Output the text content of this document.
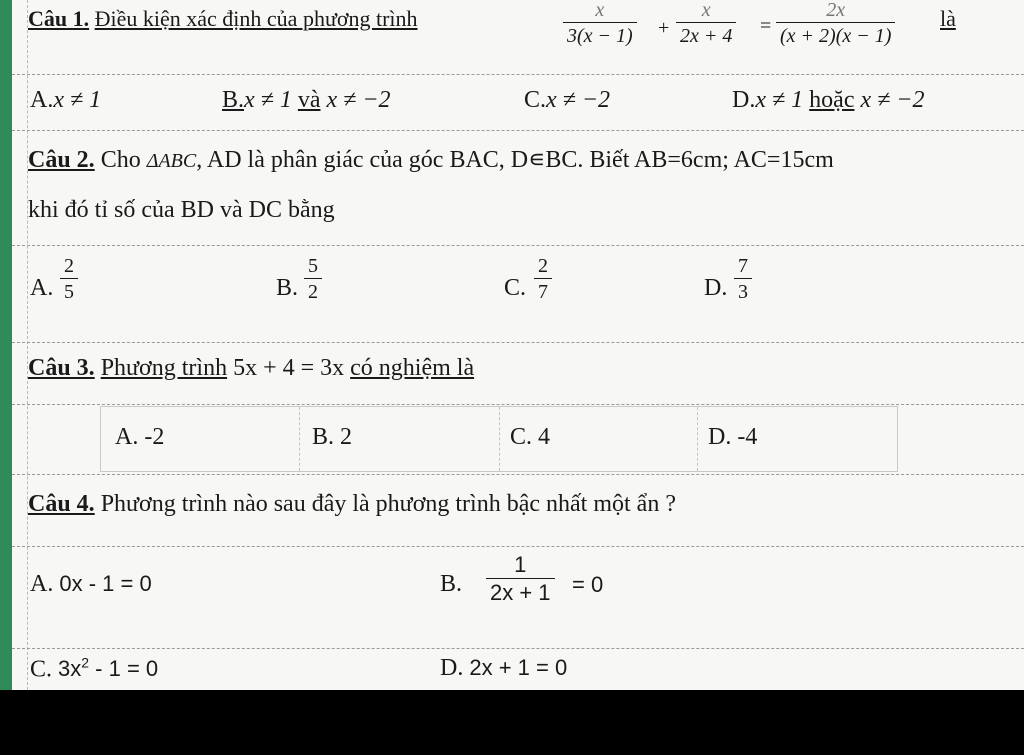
Câu 1. Điều kiện xác định của phương trình	x
3(x − 1) +
x
2x + 4 =
2x
(x + 2)(x − 1)
là
A.x ≠ 1	B.x ≠ 1 và x ≠ −2	C.x ≠ −2	D.x ≠ 1 hoặc x ≠ −2
Câu 2. Cho ΔABC, AD là phân giác của góc BAC, D∊BC. Biết AB=6cm; AC=15cm
khi đó tỉ số của BD và DC bằng
A.
2
5	B.
5
2	C.
2
7	D.
7
3
Câu 3. Phương trình 5x + 4 = 3x có nghiệm là
A. -2	B. 2	C. 4	D. -4
Câu 4. Phương trình nào sau đây là phương trình bậc nhất một ẩn ?
A. 0x - 1 = 0	B.
1
2x + 1 = 0
C. $3x^2 - 1 = 0$	D. 2x + 1 = 0
